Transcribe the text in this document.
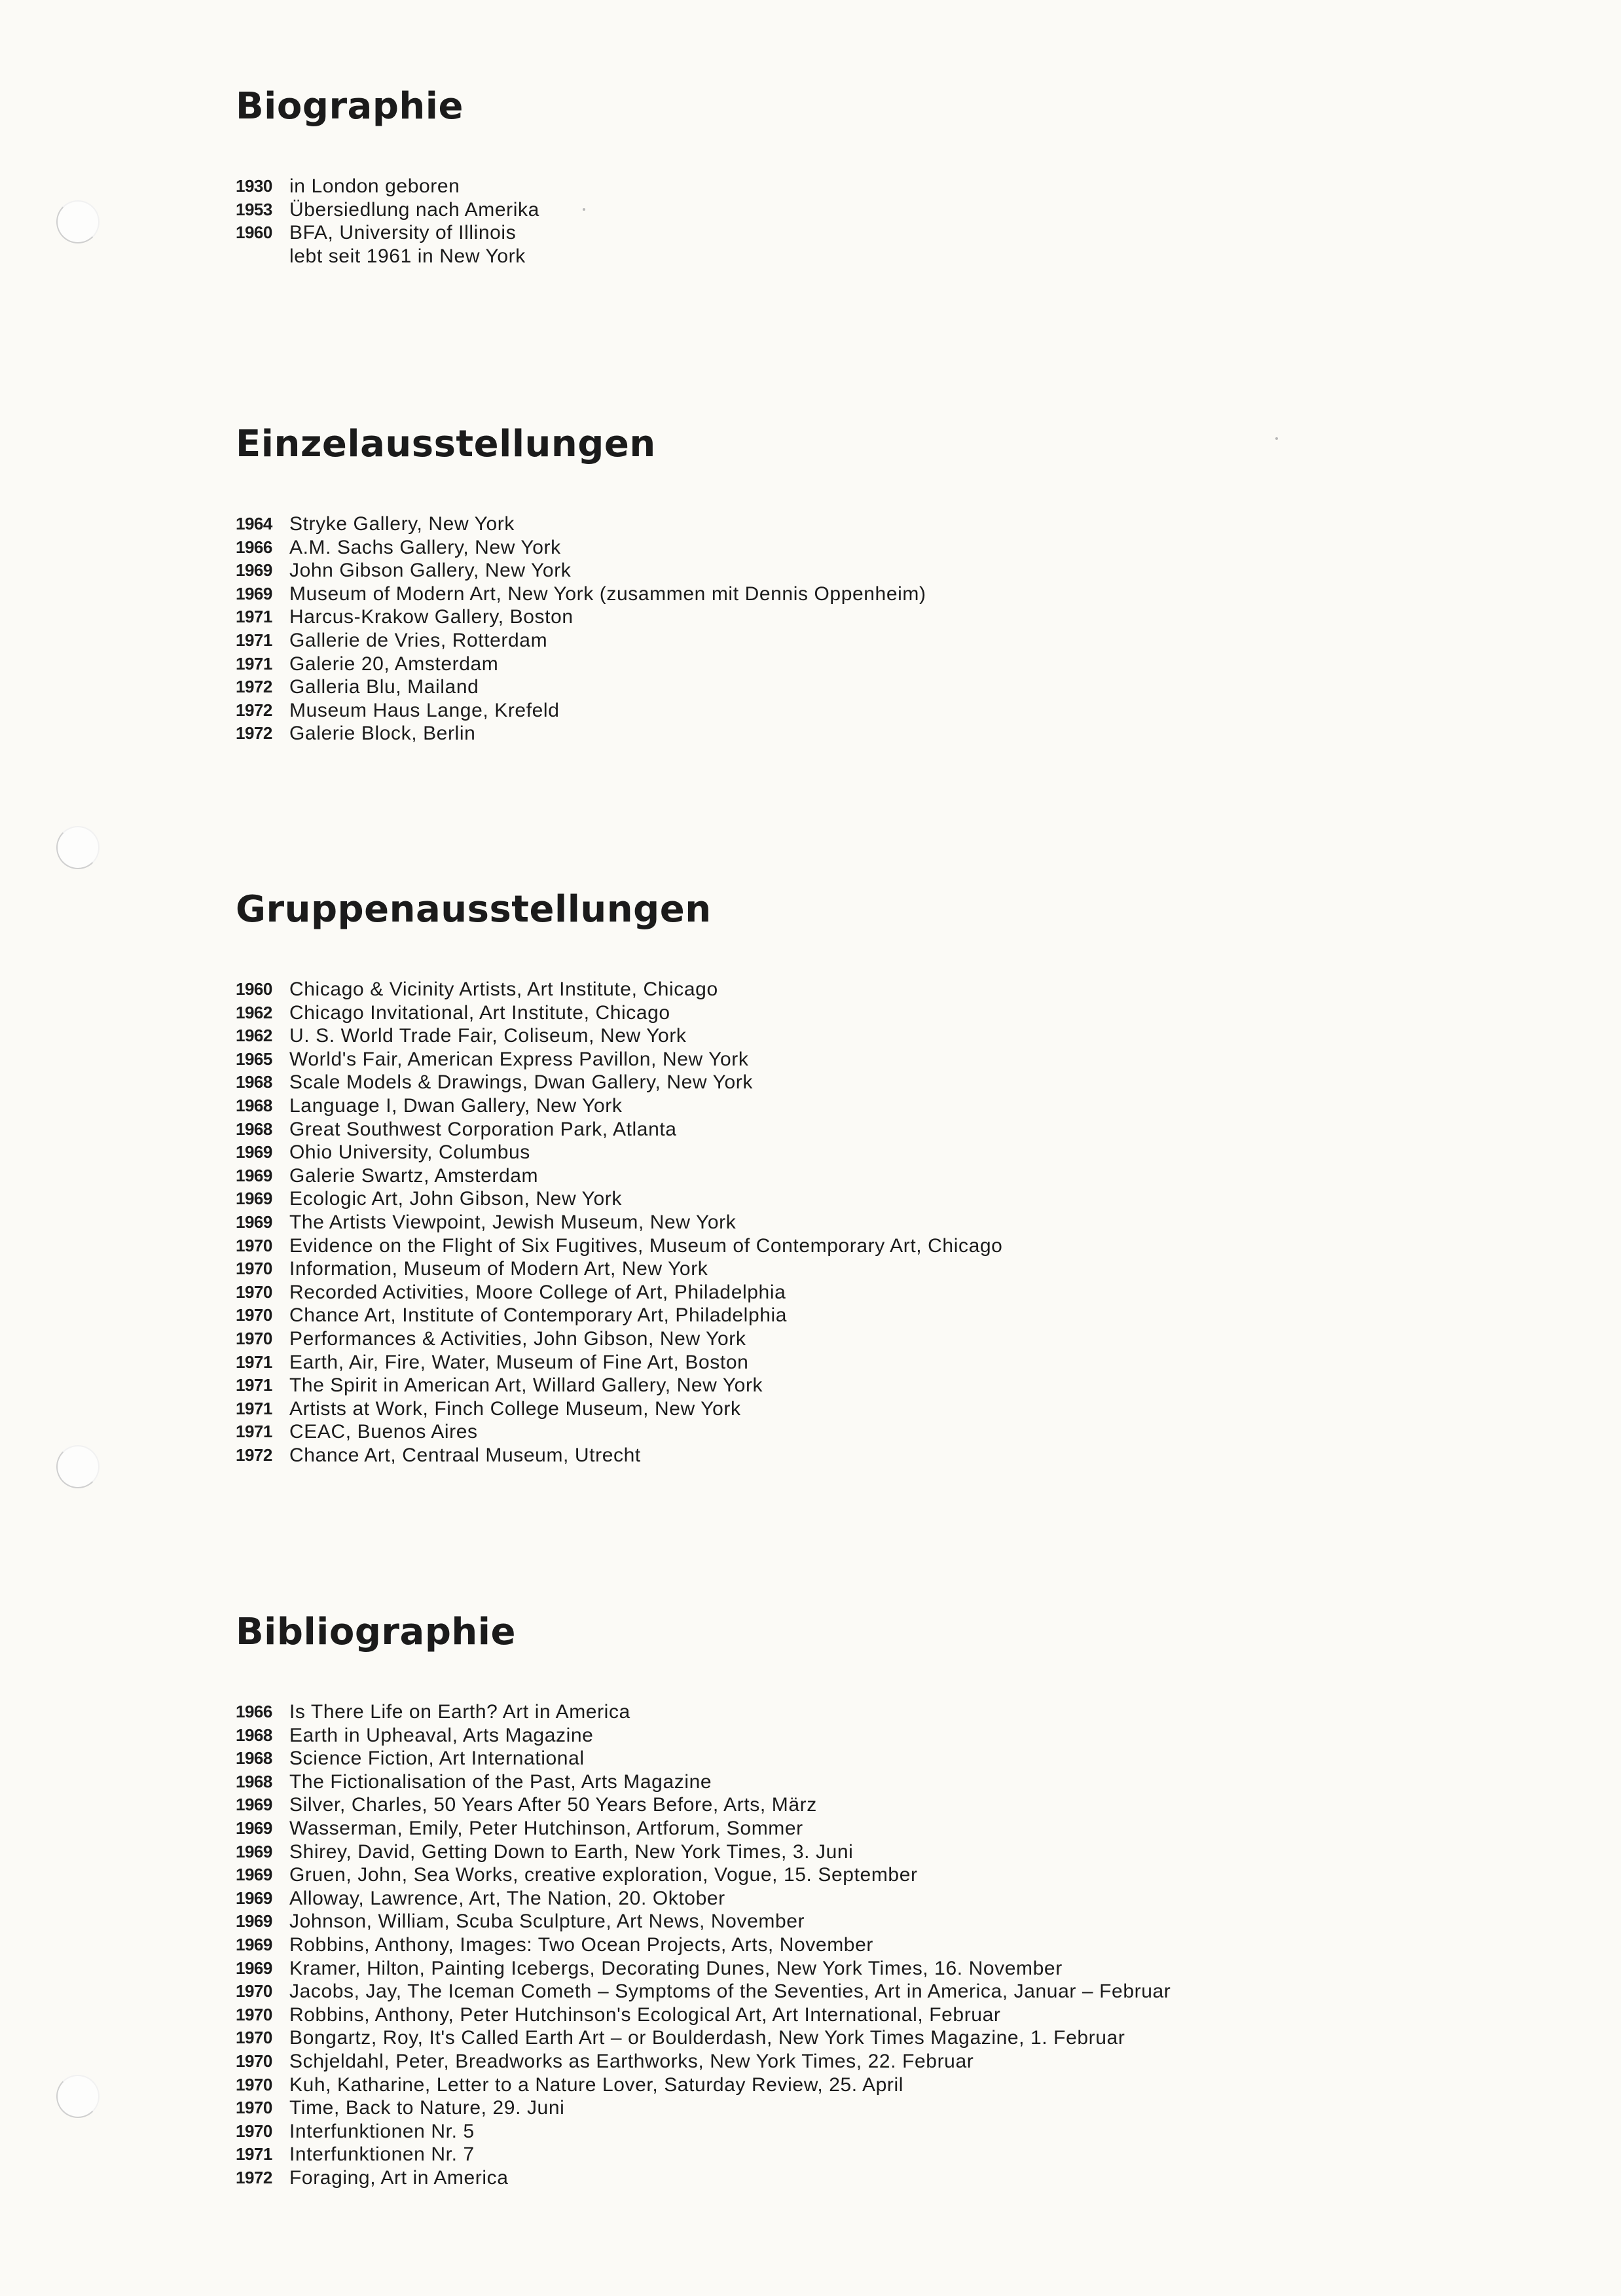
Biographie
1930 in London geboren
1953 Übersiedlung nach Amerika
1960 BFA, University of Illinois
lebt seit 1961 in New York
Einzelausstellungen
1964 Stryke Gallery, New York
1966 A.M. Sachs Gallery, New York
1969 John Gibson Gallery, New York
1969 Museum of Modern Art, New York (zusammen mit Dennis Oppenheim)
1971 Harcus-Krakow Gallery, Boston
1971 Gallerie de Vries, Rotterdam
1971 Galerie 20, Amsterdam
1972 Galleria Blu, Mailand
1972 Museum Haus Lange, Krefeld
1972 Galerie Block, Berlin
Gruppenausstellungen
1960 Chicago & Vicinity Artists, Art Institute, Chicago
1962 Chicago Invitational, Art Institute, Chicago
1962 U. S. World Trade Fair, Coliseum, New York
1965 World's Fair, American Express Pavillon, New York
1968 Scale Models & Drawings, Dwan Gallery, New York
1968 Language I, Dwan Gallery, New York
1968 Great Southwest Corporation Park, Atlanta
1969 Ohio University, Columbus
1969 Galerie Swartz, Amsterdam
1969 Ecologic Art, John Gibson, New York
1969 The Artists Viewpoint, Jewish Museum, New York
1970 Evidence on the Flight of Six Fugitives, Museum of Contemporary Art, Chicago
1970 Information, Museum of Modern Art, New York
1970 Recorded Activities, Moore College of Art, Philadelphia
1970 Chance Art, Institute of Contemporary Art, Philadelphia
1970 Performances & Activities, John Gibson, New York
1971 Earth, Air, Fire, Water, Museum of Fine Art, Boston
1971 The Spirit in American Art, Willard Gallery, New York
1971 Artists at Work, Finch College Museum, New York
1971 CEAC, Buenos Aires
1972 Chance Art, Centraal Museum, Utrecht
Bibliographie
1966 Is There Life on Earth? Art in America
1968 Earth in Upheaval, Arts Magazine
1968 Science Fiction, Art International
1968 The Fictionalisation of the Past, Arts Magazine
1969 Silver, Charles, 50 Years After 50 Years Before, Arts, März
1969 Wasserman, Emily, Peter Hutchinson, Artforum, Sommer
1969 Shirey, David, Getting Down to Earth, New York Times, 3. Juni
1969 Gruen, John, Sea Works, creative exploration, Vogue, 15. September
1969 Alloway, Lawrence, Art, The Nation, 20. Oktober
1969 Johnson, William, Scuba Sculpture, Art News, November
1969 Robbins, Anthony, Images: Two Ocean Projects, Arts, November
1969 Kramer, Hilton, Painting Icebergs, Decorating Dunes, New York Times, 16. November
1970 Jacobs, Jay, The Iceman Cometh – Symptoms of the Seventies, Art in America, Januar – Februar
1970 Robbins, Anthony, Peter Hutchinson's Ecological Art, Art International, Februar
1970 Bongartz, Roy, It's Called Earth Art – or Boulderdash, New York Times Magazine, 1. Februar
1970 Schjeldahl, Peter, Breadworks as Earthworks, New York Times, 22. Februar
1970 Kuh, Katharine, Letter to a Nature Lover, Saturday Review, 25. April
1970 Time, Back to Nature, 29. Juni
1970 Interfunktionen Nr. 5
1971 Interfunktionen Nr. 7
1972 Foraging, Art in America
